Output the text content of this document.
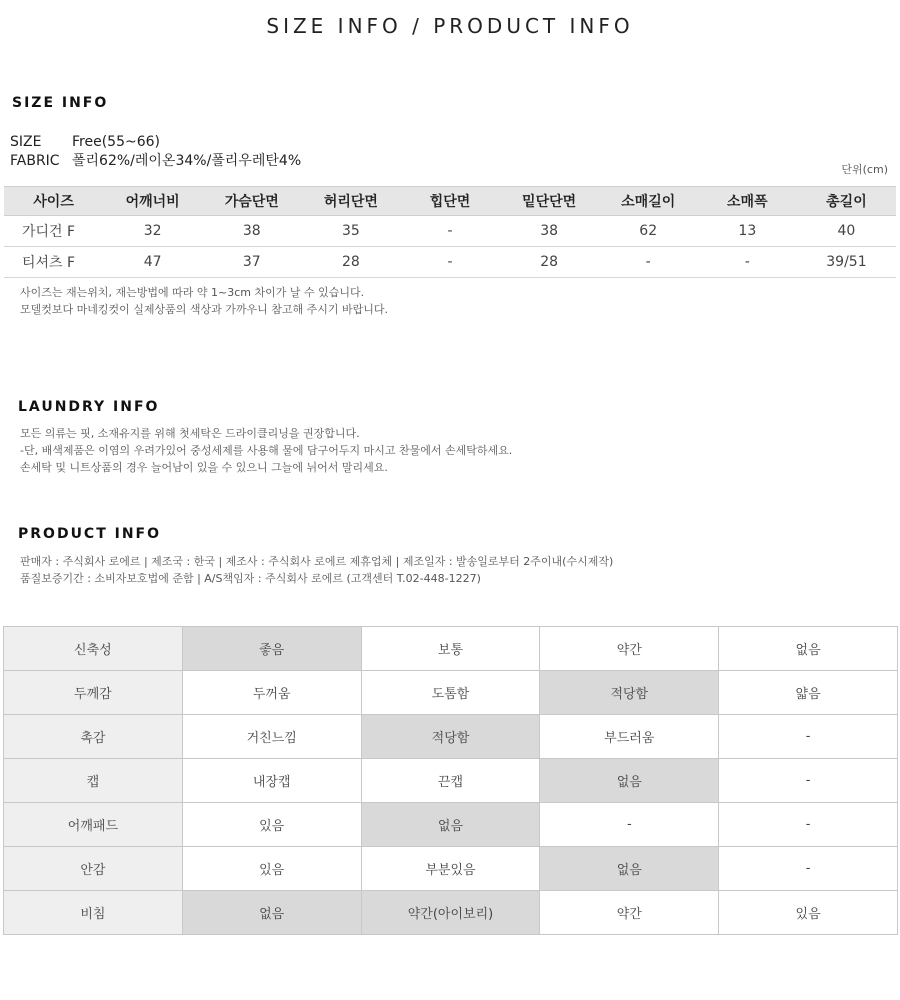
SIZE INFO / PRODUCT INFO
SIZE INFO
SIZE Free(55~66)
FABRIC 폴리62%/레이온34%/폴리우레탄4%
단위(cm)
사이즈	어깨너비	가슴단면	허리단면	힙단면	밑단단면	소매길이	소매폭	총길이
가디건 F	32	38	35	-	38	62	13	40
티셔츠 F	47	37	28	-	28	-	-	39/51
사이즈는 재는위치, 재는방법에 따라 약 1~3cm 차이가 날 수 있습니다.
모델컷보다 마네킹컷이 실제상품의 색상과 가까우니 참고해 주시기 바랍니다.
LAUNDRY INFO
모든 의류는 핏, 소재유지를 위해 첫세탁은 드라이클리닝을 권장합니다.
-단, 배색제품은 이염의 우려가있어 중성세제를 사용해 물에 담구어두지 마시고 찬물에서 손세탁하세요.
손세탁 및 니트상품의 경우 늘어남이 있을 수 있으니 그늘에 뉘어서 말리세요.
PRODUCT INFO
판매자 : 주식회사 로에르 | 제조국 : 한국 | 제조사 : 주식회사 로에르 제휴업체 | 제조일자 : 발송일로부터 2주이내(수시제작)
품질보증기간 : 소비자보호법에 준함 | A/S책임자 : 주식회사 로에르 (고객센터 T.02-448-1227)
신축성	좋음	보통	약간	없음
두께감	두꺼움	도톰함	적당함	얇음
촉감	거친느낌	적당함	부드러움	-
캡	내장캡	끈캡	없음	-
어깨패드	있음	없음	-	-
안감	있음	부분있음	없음	-
비침	없음	약간(아이보리)	약간	있음
